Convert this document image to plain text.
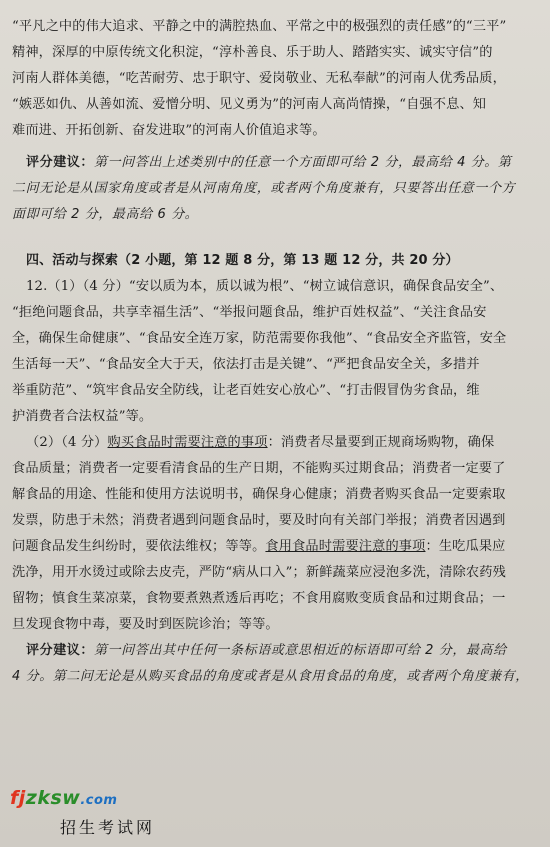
“平凡之中的伟大追求、平静之中的满腔热血、平常之中的极强烈的责任感”的“三平”

精神，深厚的中原传统文化积淀，“淳朴善良、乐于助人、踏踏实实、诚实守信”的

河南人群体美德，“吃苦耐劳、忠于职守、爱岗敬业、无私奉献”的河南人优秀品质，

“嫉恶如仇、从善如流、爱憎分明、见义勇为”的河南人高尚情操，“自强不息、知

难而进、开拓创新、奋发进取”的河南人价值追求等。

评分建议：第一问答出上述类别中的任意一个方面即可给 2 分，最高给 4 分。第

二问无论是从国家角度或者是从河南角度，或者两个角度兼有，只要答出任意一个方

面即可给 2 分，最高给 6 分。

四、活动与探索（2 小题，第 12 题 8 分，第 13 题 12 分，共 20 分）

12.（1）（4 分）“安以质为本，质以诚为根”、“树立诚信意识，确保食品安全”、

“拒绝问题食品，共享幸福生活”、“举报问题食品，维护百姓权益”、“关注食品安

全，确保生命健康”、“食品安全连万家，防范需要你我他”、“食品安全齐监管，安全

生活每一天”、“食品安全大于天，依法打击是关键”、“严把食品安全关，多措并

举重防范”、“筑牢食品安全防线，让老百姓安心放心”、“打击假冒伪劣食品，维

护消费者合法权益”等。

（2）（4 分）购买食品时需要注意的事项：消费者尽量要到正规商场购物，确保

食品质量；消费者一定要看清食品的生产日期，不能购买过期食品；消费者一定要了

解食品的用途、性能和使用方法说明书，确保身心健康；消费者购买食品一定要索取

发票，防患于未然；消费者遇到问题食品时，要及时向有关部门举报；消费者因遇到

问题食品发生纠纷时，要依法维权；等等。食用食品时需要注意的事项：生吃瓜果应

洗净，用开水烫过或除去皮壳，严防“病从口入”；新鲜蔬菜应浸泡多洗，清除农药残

留物；慎食生菜凉菜，食物要煮熟煮透后再吃；不食用腐败变质食品和过期食品；一

旦发现食物中毒，要及时到医院诊治；等等。

评分建议：第一问答出其中任何一条标语或意思相近的标语即可给 2 分，最高给

4 分。第二问无论是从购买食品的角度或者是从食用食品的角度，或者两个角度兼有，

fjzksw.com
招生考试网
